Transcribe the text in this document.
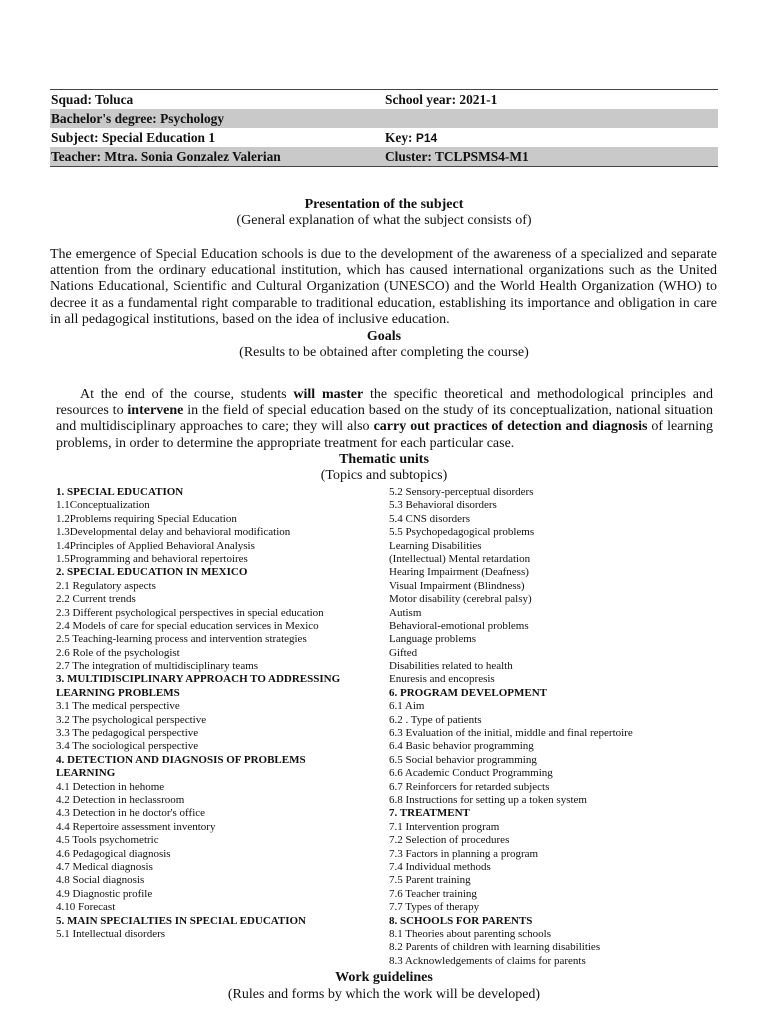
Squad: Toluca	School year: 2021-1
Bachelor's degree: Psychology
Subject: Special Education 1	Key: P14
Teacher: Mtra. Sonia Gonzalez Valerian	Cluster: TCLPSMS4-M1
Presentation of the subject
(General explanation of what the subject consists of)
The emergence of Special Education schools is due to the development of the awareness of a specialized and separate attention from the ordinary educational institution, which has caused international organizations such as the United Nations Educational, Scientific and Cultural Organization (UNESCO) and the World Health Organization (WHO) to decree it as a fundamental right comparable to traditional education, establishing its importance and obligation in care in all pedagogical institutions, based on the idea of inclusive education.
Goals
(Results to be obtained after completing the course)
At the end of the course, students will master the specific theoretical and methodological principles and resources to intervene in the field of special education based on the study of its conceptualization, national situation and multidisciplinary approaches to care; they will also carry out practices of detection and diagnosis of learning problems, in order to determine the appropriate treatment for each particular case.
Thematic units
(Topics and subtopics)
1. SPECIAL EDUCATION
1.1Conceptualization
1.2Problems requiring Special Education
1.3Developmental delay and behavioral modification
1.4Principles of Applied Behavioral Analysis
1.5Programming and behavioral repertoires
2. SPECIAL EDUCATION IN MEXICO
2.1 Regulatory aspects
2.2 Current trends
2.3 Different psychological perspectives in special education
2.4 Models of care for special education services in Mexico
2.5 Teaching-learning process and intervention strategies
2.6 Role of the psychologist
2.7 The integration of multidisciplinary teams
3. MULTIDISCIPLINARY APPROACH TO ADDRESSING
LEARNING PROBLEMS
3.1 The medical perspective
3.2 The psychological perspective
3.3 The pedagogical perspective
3.4 The sociological perspective
4. DETECTION AND DIAGNOSIS OF PROBLEMS
LEARNING
4.1 Detection in hehome
4.2 Detection in heclassroom
4.3 Detection in he doctor's office
4.4 Repertoire assessment inventory
4.5 Tools psychometric
4.6 Pedagogical diagnosis
4.7 Medical diagnosis
4.8 Social diagnosis
4.9 Diagnostic profile
4.10 Forecast
5. MAIN SPECIALTIES IN SPECIAL EDUCATION
5.1 Intellectual disorders
5.2 Sensory-perceptual disorders
5.3 Behavioral disorders
5.4 CNS disorders
5.5 Psychopedagogical problems
Learning Disabilities
(Intellectual) Mental retardation
Hearing Impairment (Deafness)
Visual Impairment (Blindness)
Motor disability (cerebral palsy)
Autism
Behavioral-emotional problems
Language problems
Gifted
Disabilities related to health
Enuresis and encopresis
6. PROGRAM DEVELOPMENT
6.1 Aim
6.2 . Type of patients
6.3 Evaluation of the initial, middle and final repertoire
6.4 Basic behavior programming
6.5 Social behavior programming
6.6 Academic Conduct Programming
6.7 Reinforcers for retarded subjects
6.8 Instructions for setting up a token system
7. TREATMENT
7.1 Intervention program
7.2 Selection of procedures
7.3 Factors in planning a program
7.4 Individual methods
7.5 Parent training
7.6 Teacher training
7.7 Types of therapy
8. SCHOOLS FOR PARENTS
8.1 Theories about parenting schools
8.2 Parents of children with learning disabilities
8.3 Acknowledgements of claims for parents
Work guidelines
(Rules and forms by which the work will be developed)
